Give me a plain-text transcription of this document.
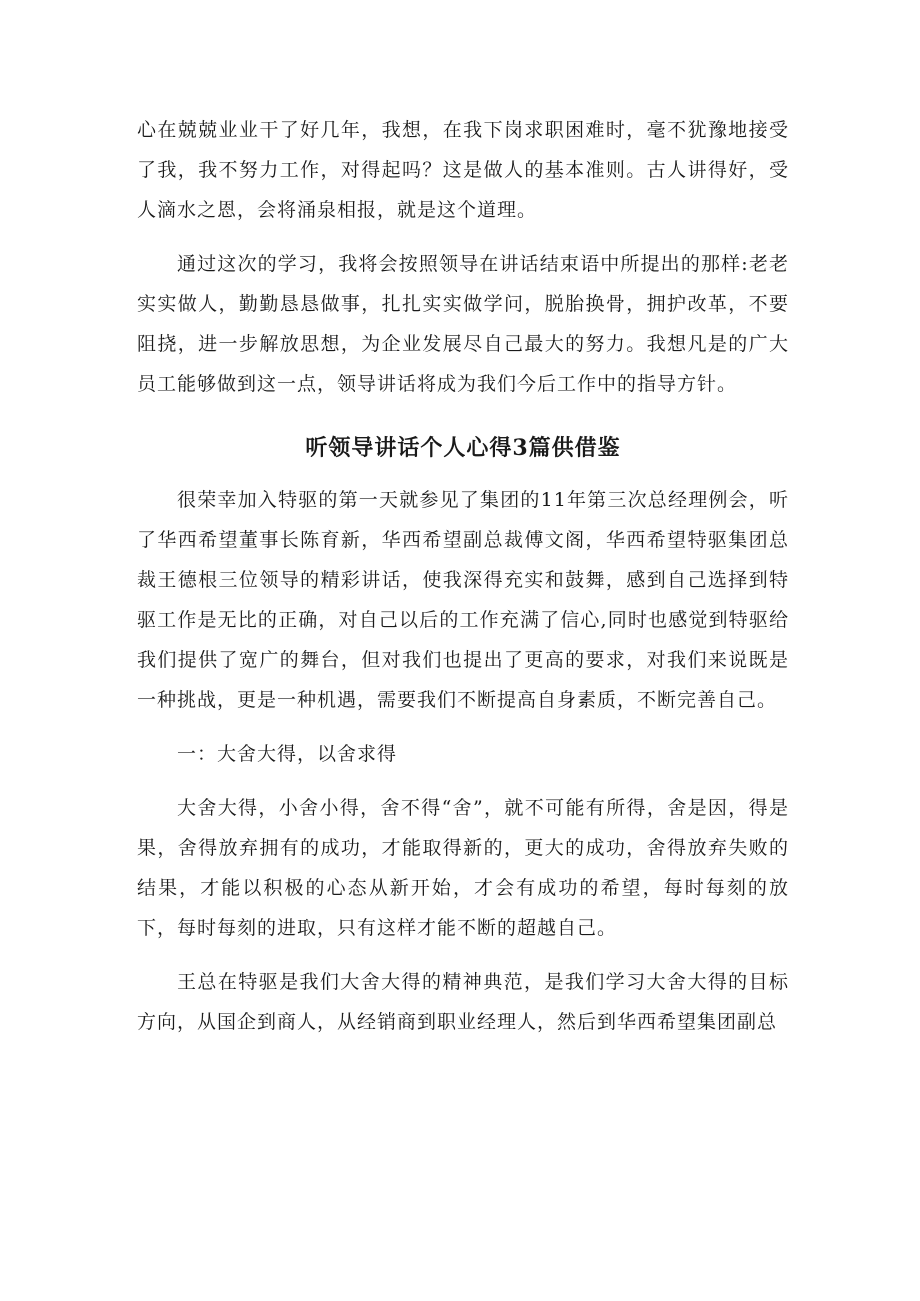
心在兢兢业业干了好几年，我想，在我下岗求职困难时，毫不犹豫地接受了我，我不努力工作，对得起吗？这是做人的基本准则。古人讲得好，受人滴水之恩，会将涌泉相报，就是这个道理。

通过这次的学习，我将会按照领导在讲话结束语中所提出的那样:老老实实做人，勤勤恳恳做事，扎扎实实做学问，脱胎换骨，拥护改革，不要阻挠，进一步解放思想，为企业发展尽自己最大的努力。我想凡是的广大员工能够做到这一点，领导讲话将成为我们今后工作中的指导方针。

听领导讲话个人心得3篇供借鉴

很荣幸加入特驱的第一天就参见了集团的11年第三次总经理例会，听了华西希望董事长陈育新，华西希望副总裁傅文阁，华西希望特驱集团总裁王德根三位领导的精彩讲话，使我深得充实和鼓舞，感到自己选择到特驱工作是无比的正确，对自己以后的工作充满了信心,同时也感觉到特驱给我们提供了宽广的舞台，但对我们也提出了更高的要求，对我们来说既是一种挑战，更是一种机遇，需要我们不断提高自身素质，不断完善自己。

一：大舍大得，以舍求得

大舍大得，小舍小得，舍不得“舍”，就不可能有所得，舍是因，得是果，舍得放弃拥有的成功，才能取得新的，更大的成功，舍得放弃失败的结果，才能以积极的心态从新开始，才会有成功的希望，每时每刻的放下，每时每刻的进取，只有这样才能不断的超越自己。

王总在特驱是我们大舍大得的精神典范，是我们学习大舍大得的目标方向，从国企到商人，从经销商到职业经理人，然后到华西希望集团副总
